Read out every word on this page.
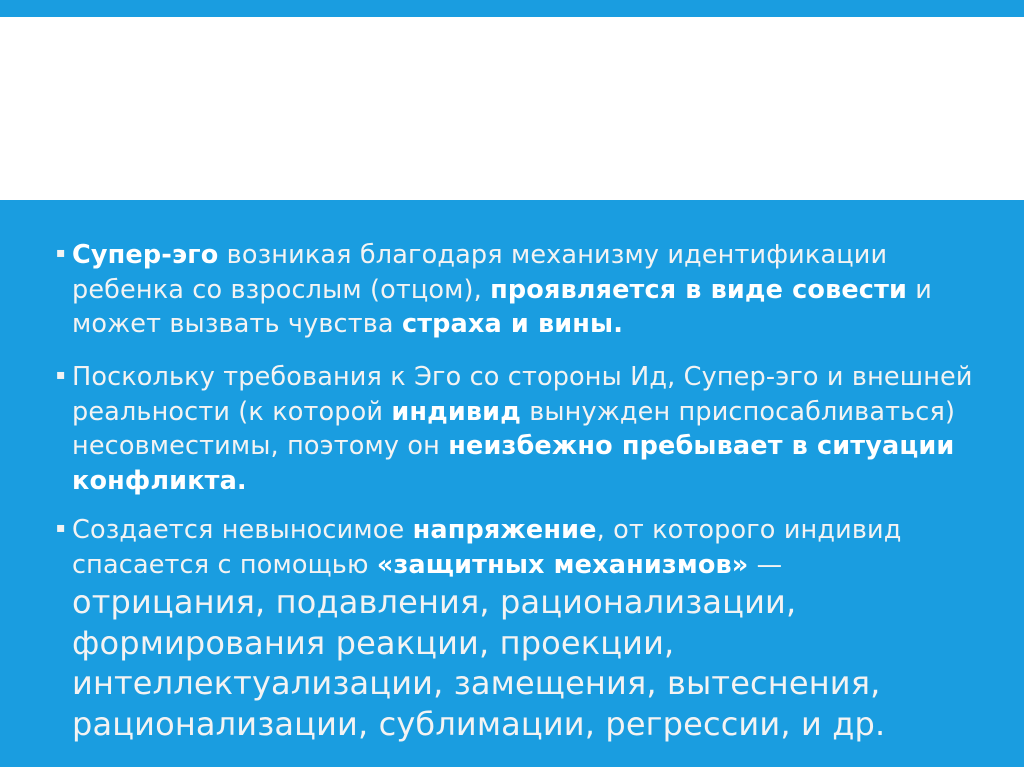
▪ Супер-эго возникая благодаря механизму идентификации ребенка со взрослым (отцом), проявляется в виде совести и может вызвать чувства страха и вины.
▪ Поскольку требования к Эго со стороны Ид, Супер-эго и внешней реальности (к которой индивид вынужден приспосабливаться) несовместимы, поэтому он неизбежно пребывает в ситуации конфликта.
▪ Создается невыносимое напряжение, от которого индивид спасается с помощью «защитных механизмов» — отрицания, подавления, рационализации, формирования реакции, проекции, интеллектуализации, замещения, вытеснения, рационализации, сублимации, регрессии, и др.
